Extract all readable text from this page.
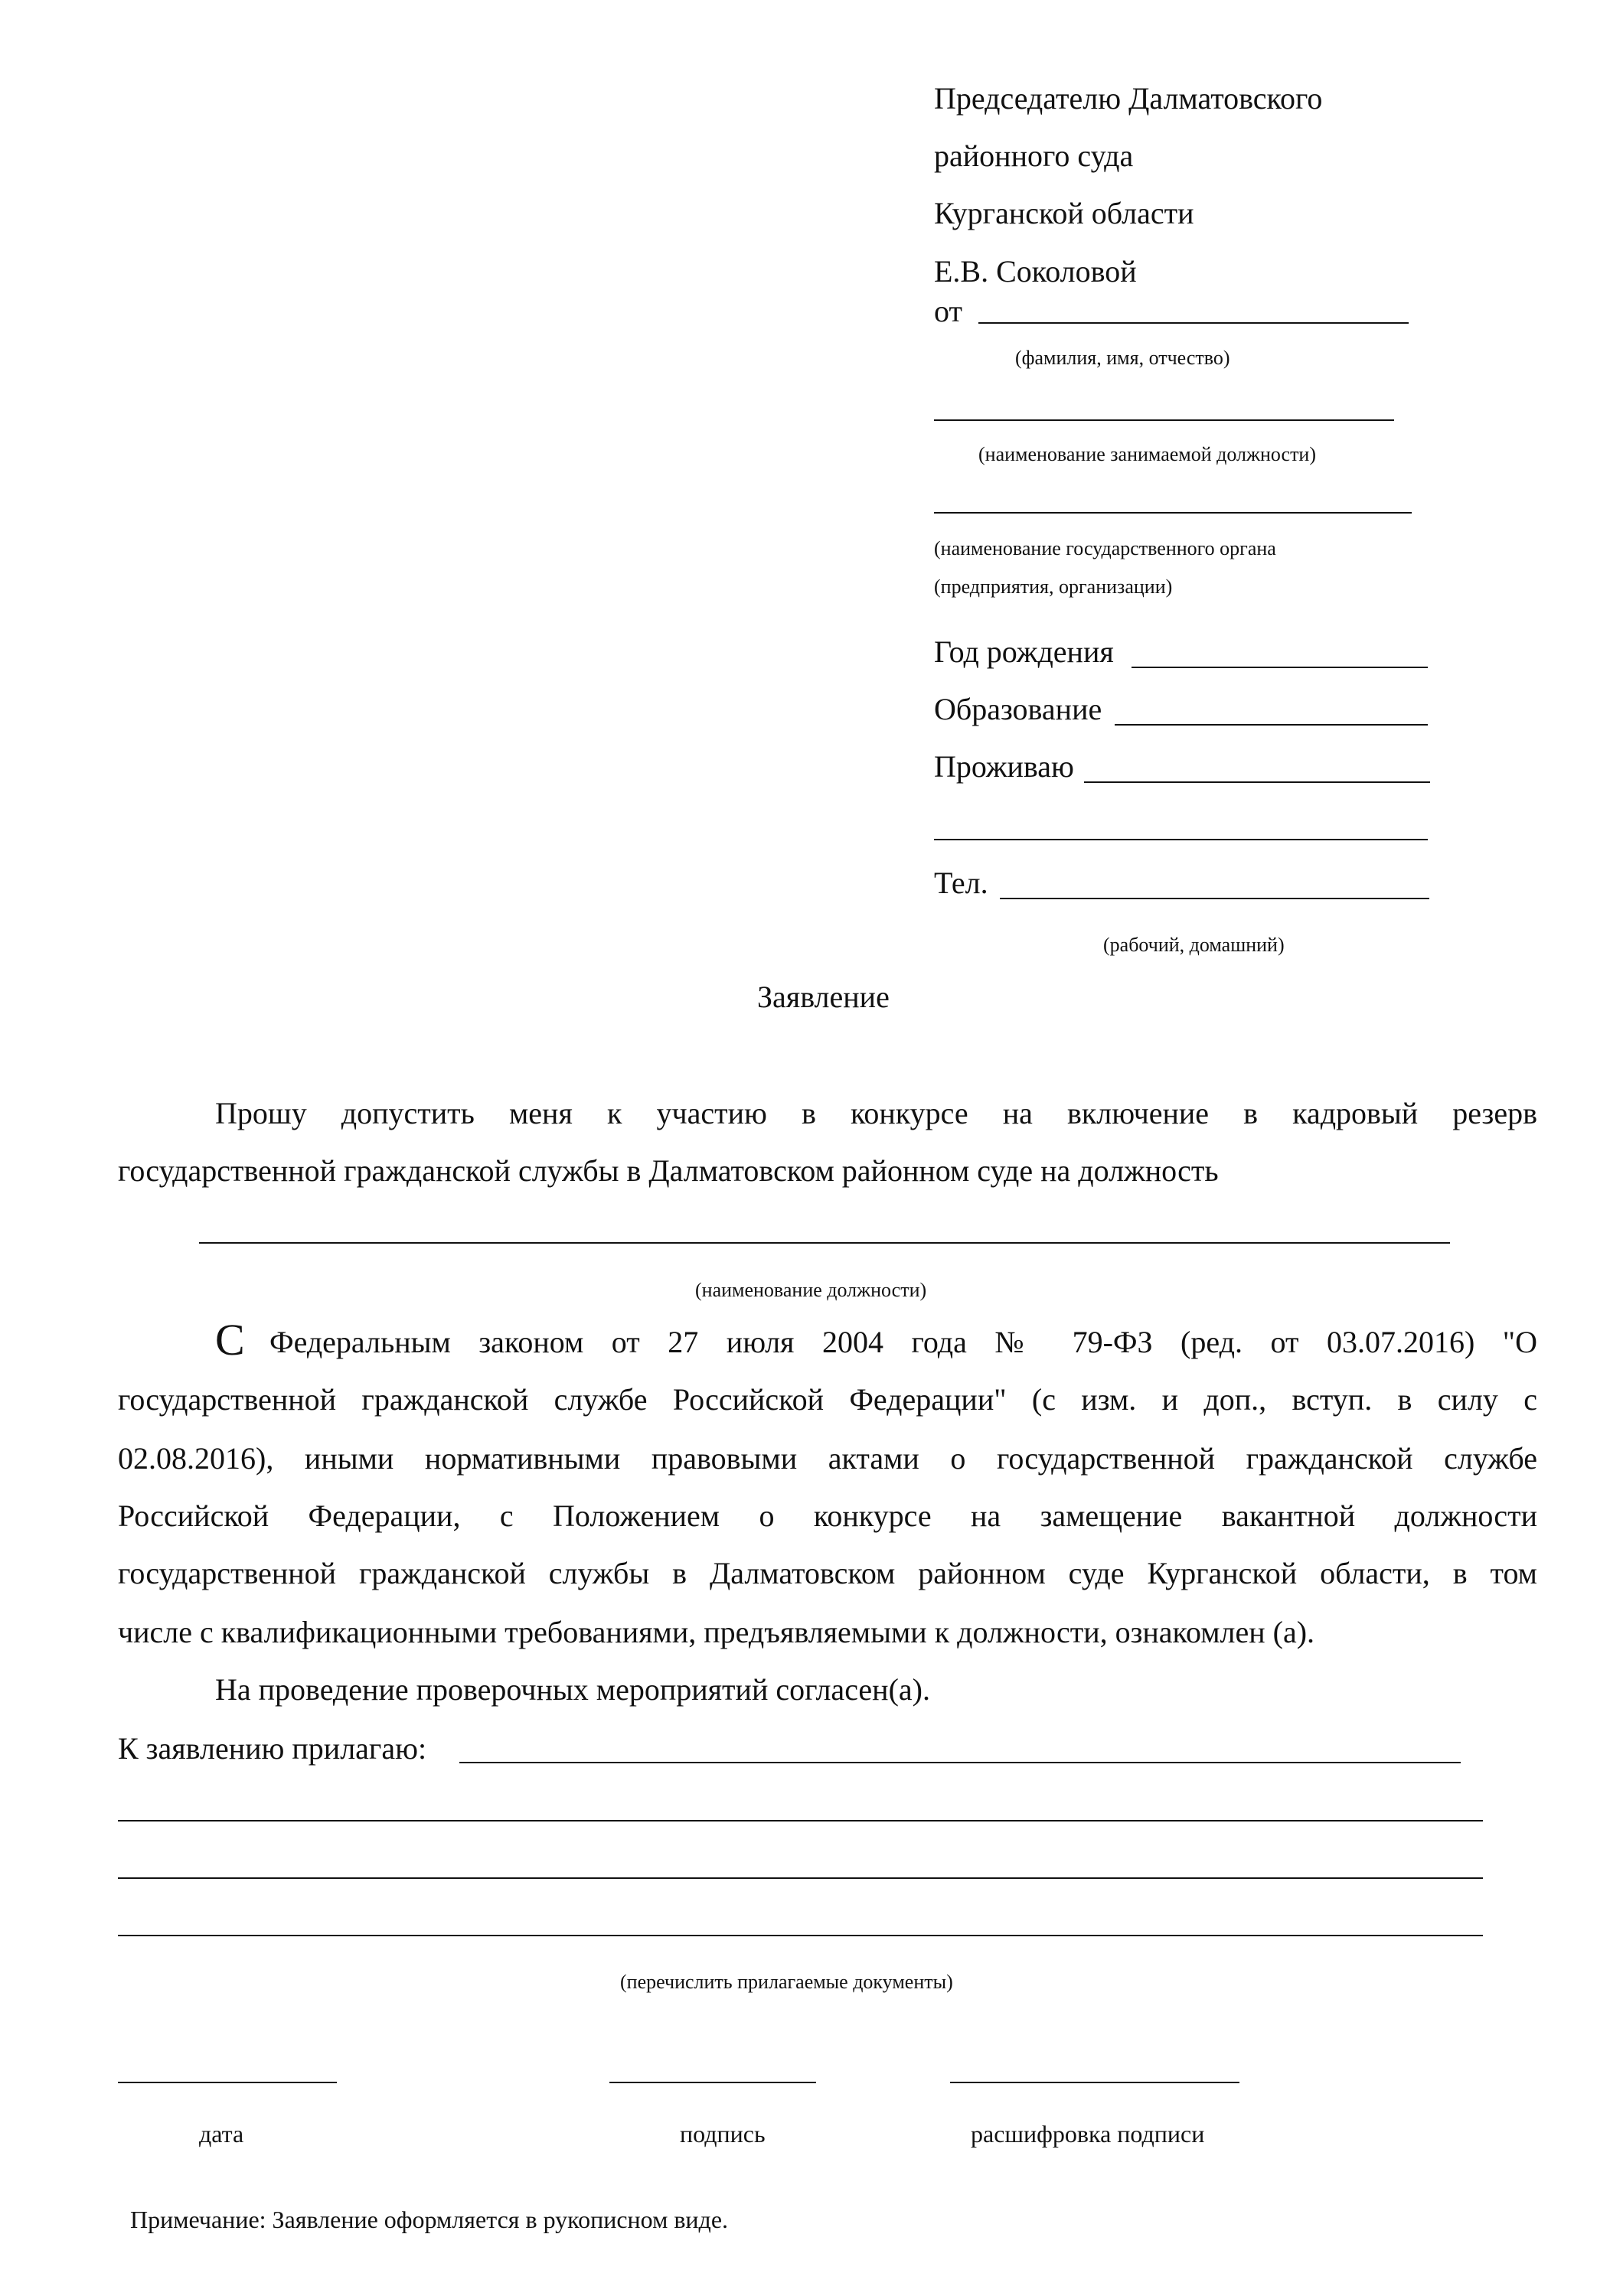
Председателю Далматовского
районного суда
Курганской области
Е.В. Соколовой
от
(фамилия, имя, отчество)
(наименование занимаемой должности)
(наименование государственного органа
(предприятия, организации)
Год рождения
Образование
Проживаю
Тел.
(рабочий, домашний)
Заявление
Прошу допустить меня к участию в конкурсе на включение в кадровый резерв
государственной гражданской службы в Далматовском районном суде на должность
(наименование должности)
С Федеральным законом от 27 июля 2004 года № 79-ФЗ (ред. от 03.07.2016) "О
государственной гражданской службе Российской Федерации" (с изм. и доп., вступ. в силу с
02.08.2016), иными нормативными правовыми актами о государственной гражданской службе
Российской Федерации, с Положением о конкурсе на замещение вакантной должности
государственной гражданской службы в Далматовском районном суде Курганской области, в том
числе с квалификационными требованиями, предъявляемыми к должности, ознакомлен (а).
На проведение проверочных мероприятий согласен(а).
К заявлению прилагаю:
(перечислить прилагаемые документы)
дата	подпись	расшифровка подписи
Примечание: Заявление оформляется в рукописном виде.
